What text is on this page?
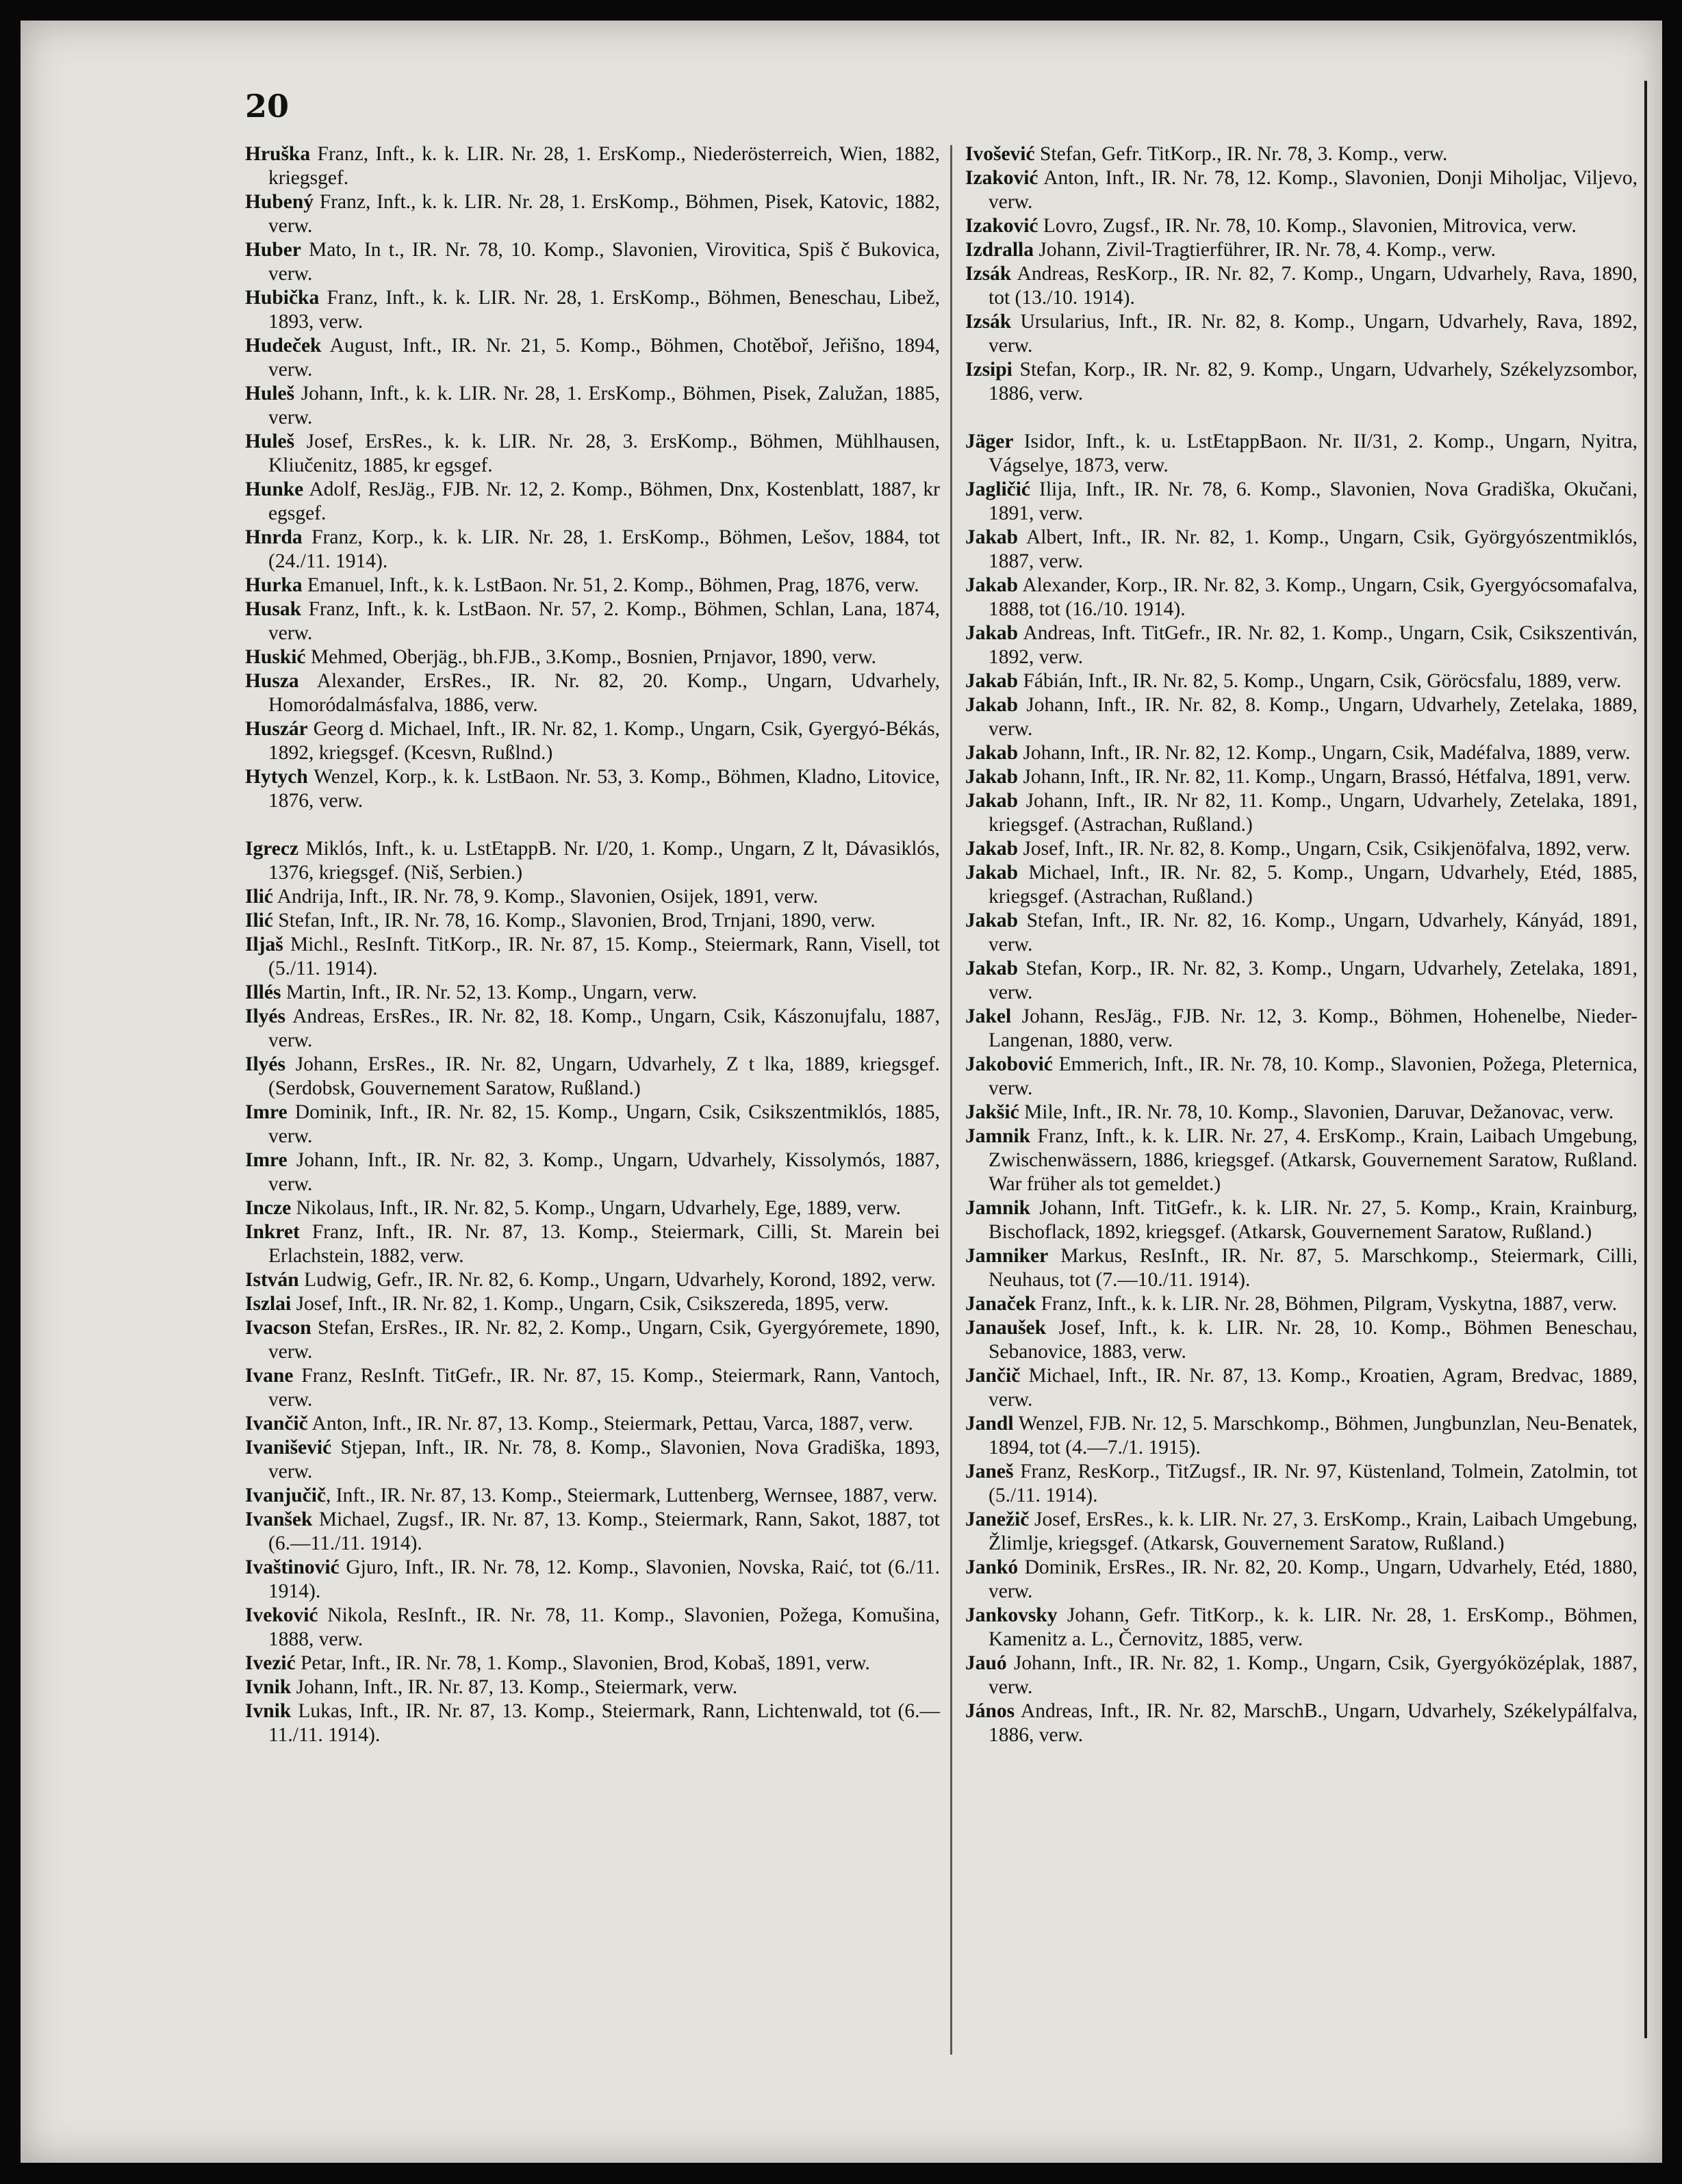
20
Hruška Franz, Inft., k. k. LIR. Nr. 28, 1. ErsKomp., Niederösterreich, Wien, 1882, kriegsgef.
Hubený Franz, Inft., k. k. LIR. Nr. 28, 1. ErsKomp., Böhmen, Pisek, Katovic, 1882, verw.
Huber Mato, In t., IR. Nr. 78, 10. Komp., Slavonien, Virovitica, Spiš č Bukovica, verw.
Hubička Franz, Inft., k. k. LIR. Nr. 28, 1. ErsKomp., Böhmen, Beneschau, Libež, 1893, verw.
Hudeček August, Inft., IR. Nr. 21, 5. Komp., Böhmen, Chotěboř, Jeřišno, 1894, verw.
Huleš Johann, Inft., k. k. LIR. Nr. 28, 1. ErsKomp., Böhmen, Pisek, Zalužan, 1885, verw.
Huleš Josef, ErsRes., k. k. LIR. Nr. 28, 3. ErsKomp., Böhmen, Mühlhausen, Kliučenitz, 1885, kr egsgef.
Hunke Adolf, ResJäg., FJB. Nr. 12, 2. Komp., Böhmen, Dnx, Kostenblatt, 1887, kr egsgef.
Hnrda Franz, Korp., k. k. LIR. Nr. 28, 1. ErsKomp., Böhmen, Lešov, 1884, tot (24./11. 1914).
Hurka Emanuel, Inft., k. k. LstBaon. Nr. 51, 2. Komp., Böhmen, Prag, 1876, verw.
Husak Franz, Inft., k. k. LstBaon. Nr. 57, 2. Komp., Böhmen, Schlan, Lana, 1874, verw.
Huskić Mehmed, Oberjäg., bh.FJB., 3.Komp., Bosnien, Prnjavor, 1890, verw.
Husza Alexander, ErsRes., IR. Nr. 82, 20. Komp., Ungarn, Udvarhely, Homoródalmásfalva, 1886, verw.
Huszár Georg d. Michael, Inft., IR. Nr. 82, 1. Komp., Ungarn, Csik, Gyergyó-Békás, 1892, kriegsgef. (Kcesvn, Rußlnd.)
Hytych Wenzel, Korp., k. k. LstBaon. Nr. 53, 3. Komp., Böhmen, Kladno, Litovice, 1876, verw.
Igrecz Miklós, Inft., k. u. LstEtappB. Nr. I/20, 1. Komp., Ungarn, Z lt, Dávasiklós, 1376, kriegsgef. (Niš, Serbien.)
Ilić Andrija, Inft., IR. Nr. 78, 9. Komp., Slavonien, Osijek, 1891, verw.
Ilić Stefan, Inft., IR. Nr. 78, 16. Komp., Slavonien, Brod, Trnjani, 1890, verw.
Iljaš Michl., ResInft. TitKorp., IR. Nr. 87, 15. Komp., Steiermark, Rann, Visell, tot (5./11. 1914).
Illés Martin, Inft., IR. Nr. 52, 13. Komp., Ungarn, verw.
Ilyés Andreas, ErsRes., IR. Nr. 82, 18. Komp., Ungarn, Csik, Kászonujfalu, 1887, verw.
Ilyés Johann, ErsRes., IR. Nr. 82, Ungarn, Udvarhely, Z t lka, 1889, kriegsgef. (Serdobsk, Gouvernement Saratow, Rußland.)
Imre Dominik, Inft., IR. Nr. 82, 15. Komp., Ungarn, Csik, Csikszentmiklós, 1885, verw.
Imre Johann, Inft., IR. Nr. 82, 3. Komp., Ungarn, Udvarhely, Kissolymós, 1887, verw.
Incze Nikolaus, Inft., IR. Nr. 82, 5. Komp., Ungarn, Udvarhely, Ege, 1889, verw.
Inkret Franz, Inft., IR. Nr. 87, 13. Komp., Steiermark, Cilli, St. Marein bei Erlachstein, 1882, verw.
István Ludwig, Gefr., IR. Nr. 82, 6. Komp., Ungarn, Udvarhely, Korond, 1892, verw.
Iszlai Josef, Inft., IR. Nr. 82, 1. Komp., Ungarn, Csik, Csikszereda, 1895, verw.
Ivacson Stefan, ErsRes., IR. Nr. 82, 2. Komp., Ungarn, Csik, Gyergyóremete, 1890, verw.
Ivane Franz, ResInft. TitGefr., IR. Nr. 87, 15. Komp., Steiermark, Rann, Vantoch, verw.
Ivančič Anton, Inft., IR. Nr. 87, 13. Komp., Steiermark, Pettau, Varca, 1887, verw.
Ivanišević Stjepan, Inft., IR. Nr. 78, 8. Komp., Slavonien, Nova Gradiška, 1893, verw.
Ivanjučič, Inft., IR. Nr. 87, 13. Komp., Steiermark, Luttenberg, Wernsee, 1887, verw.
Ivanšek Michael, Zugsf., IR. Nr. 87, 13. Komp., Steiermark, Rann, Sakot, 1887, tot (6.—11./11. 1914).
Ivaštinović Gjuro, Inft., IR. Nr. 78, 12. Komp., Slavonien, Novska, Raić, tot (6./11. 1914).
Iveković Nikola, ResInft., IR. Nr. 78, 11. Komp., Slavonien, Požega, Komušina, 1888, verw.
Ivezić Petar, Inft., IR. Nr. 78, 1. Komp., Slavonien, Brod, Kobaš, 1891, verw.
Ivnik Johann, Inft., IR. Nr. 87, 13. Komp., Steiermark, verw.
Ivnik Lukas, Inft., IR. Nr. 87, 13. Komp., Steiermark, Rann, Lichtenwald, tot (6.—11./11. 1914).
Ivošević Stefan, Gefr. TitKorp., IR. Nr. 78, 3. Komp., verw.
Izaković Anton, Inft., IR. Nr. 78, 12. Komp., Slavonien, Donji Miholjac, Viljevo, verw.
Izaković Lovro, Zugsf., IR. Nr. 78, 10. Komp., Slavonien, Mitrovica, verw.
Izdralla Johann, Zivil-Tragtierführer, IR. Nr. 78, 4. Komp., verw.
Izsák Andreas, ResKorp., IR. Nr. 82, 7. Komp., Ungarn, Udvarhely, Rava, 1890, tot (13./10. 1914).
Izsák Ursularius, Inft., IR. Nr. 82, 8. Komp., Ungarn, Udvarhely, Rava, 1892, verw.
Izsipi Stefan, Korp., IR. Nr. 82, 9. Komp., Ungarn, Udvarhely, Székelyzsombor, 1886, verw.
Jäger Isidor, Inft., k. u. LstEtappBaon. Nr. II/31, 2. Komp., Ungarn, Nyitra, Vágselye, 1873, verw.
Jagličić Ilija, Inft., IR. Nr. 78, 6. Komp., Slavonien, Nova Gradiška, Okučani, 1891, verw.
Jakab Albert, Inft., IR. Nr. 82, 1. Komp., Ungarn, Csik, Györgyószentmiklós, 1887, verw.
Jakab Alexander, Korp., IR. Nr. 82, 3. Komp., Ungarn, Csik, Gyergyócsomafalva, 1888, tot (16./10. 1914).
Jakab Andreas, Inft. TitGefr., IR. Nr. 82, 1. Komp., Ungarn, Csik, Csikszentiván, 1892, verw.
Jakab Fábián, Inft., IR. Nr. 82, 5. Komp., Ungarn, Csik, Göröcsfalu, 1889, verw.
Jakab Johann, Inft., IR. Nr. 82, 8. Komp., Ungarn, Udvarhely, Zetelaka, 1889, verw.
Jakab Johann, Inft., IR. Nr. 82, 12. Komp., Ungarn, Csik, Madéfalva, 1889, verw.
Jakab Johann, Inft., IR. Nr. 82, 11. Komp., Ungarn, Brassó, Hétfalva, 1891, verw.
Jakab Johann, Inft., IR. Nr 82, 11. Komp., Ungarn, Udvarhely, Zetelaka, 1891, kriegsgef. (Astrachan, Rußland.)
Jakab Josef, Inft., IR. Nr. 82, 8. Komp., Ungarn, Csik, Csikjenöfalva, 1892, verw.
Jakab Michael, Inft., IR. Nr. 82, 5. Komp., Ungarn, Udvarhely, Etéd, 1885, kriegsgef. (Astrachan, Rußland.)
Jakab Stefan, Inft., IR. Nr. 82, 16. Komp., Ungarn, Udvarhely, Kányád, 1891, verw.
Jakab Stefan, Korp., IR. Nr. 82, 3. Komp., Ungarn, Udvarhely, Zetelaka, 1891, verw.
Jakel Johann, ResJäg., FJB. Nr. 12, 3. Komp., Böhmen, Hohenelbe, Nieder-Langenan, 1880, verw.
Jakobović Emmerich, Inft., IR. Nr. 78, 10. Komp., Slavonien, Požega, Pleternica, verw.
Jakšić Mile, Inft., IR. Nr. 78, 10. Komp., Slavonien, Daruvar, Dežanovac, verw.
Jamnik Franz, Inft., k. k. LIR. Nr. 27, 4. ErsKomp., Krain, Laibach Umgebung, Zwischenwässern, 1886, kriegsgef. (Atkarsk, Gouvernement Saratow, Rußland. War früher als tot gemeldet.)
Jamnik Johann, Inft. TitGefr., k. k. LIR. Nr. 27, 5. Komp., Krain, Krainburg, Bischoflack, 1892, kriegsgef. (Atkarsk, Gouvernement Saratow, Rußland.)
Jamniker Markus, ResInft., IR. Nr. 87, 5. Marschkomp., Steiermark, Cilli, Neuhaus, tot (7.—10./11. 1914).
Janaček Franz, Inft., k. k. LIR. Nr. 28, Böhmen, Pilgram, Vyskytna, 1887, verw.
Janaušek Josef, Inft., k. k. LIR. Nr. 28, 10. Komp., Böhmen Beneschau, Sebanovice, 1883, verw.
Jančič Michael, Inft., IR. Nr. 87, 13. Komp., Kroatien, Agram, Bredvac, 1889, verw.
Jandl Wenzel, FJB. Nr. 12, 5. Marschkomp., Böhmen, Jungbunzlan, Neu-Benatek, 1894, tot (4.—7./1. 1915).
Janeš Franz, ResKorp., TitZugsf., IR. Nr. 97, Küstenland, Tolmein, Zatolmin, tot (5./11. 1914).
Janežič Josef, ErsRes., k. k. LIR. Nr. 27, 3. ErsKomp., Krain, Laibach Umgebung, Žlimlje, kriegsgef. (Atkarsk, Gouvernement Saratow, Rußland.)
Jankó Dominik, ErsRes., IR. Nr. 82, 20. Komp., Ungarn, Udvarhely, Etéd, 1880, verw.
Jankovsky Johann, Gefr. TitKorp., k. k. LIR. Nr. 28, 1. ErsKomp., Böhmen, Kamenitz a. L., Černovitz, 1885, verw.
Jauó Johann, Inft., IR. Nr. 82, 1. Komp., Ungarn, Csik, Gyergyóközéplak, 1887, verw.
János Andreas, Inft., IR. Nr. 82, MarschB., Ungarn, Udvarhely, Székelypálfalva, 1886, verw.
